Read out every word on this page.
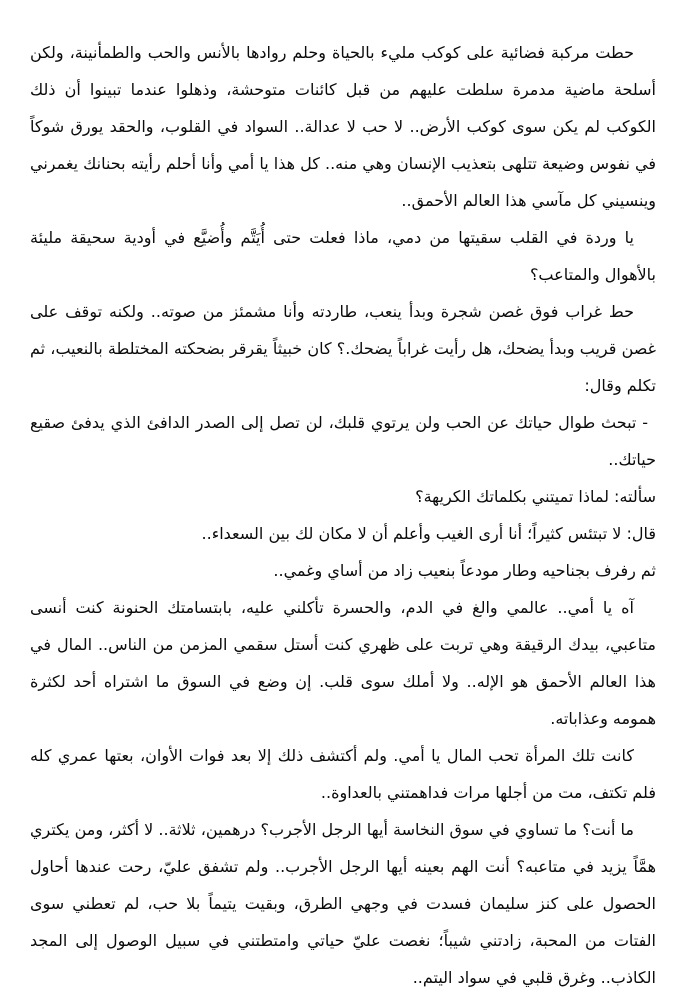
حطت مركبة فضائية على كوكب مليء بالحياة وحلم روادها بالأنس والحب والطمأنينة، ولكن أسلحة ماضية مدمرة سلطت عليهم من قبل كائنات متوحشة، وذهلوا عندما تبينوا أن ذلك الكوكب لم يكن سوى كوكب الأرض.. لا حب لا عدالة.. السواد في القلوب، والحقد يورق شوكاً في نفوس وضيعة تتلهى بتعذيب الإنسان وهي منه.. كل هذا يا أمي وأنا أحلم رأيته بحنانك يغمرني وينسيني كل مآسي هذا العالم الأحمق..

يا وردة في القلب سقيتها من دمي، ماذا فعلت حتى أُيَتَّم وأُضيَّع في أودية سحيقة مليئة بالأهوال والمتاعب؟

حط غراب فوق غصن شجرة وبدأ ينعب، طاردته وأنا مشمئز من صوته.. ولكنه توقف على غصن قريب وبدأ يضحك، هل رأيت غراباً يضحك.؟ كان خبيثاً يقرقر بضحكته المختلطة بالنعيب، ثم تكلم وقال:

- تبحث طوال حياتك عن الحب ولن يرتوي قلبك، لن تصل إلى الصدر الدافئ الذي يدفئ صقيع حياتك..

سألته: لماذا تميتني بكلماتك الكريهة؟

قال: لا تبتئس كثيراً؛ أنا أرى الغيب وأعلم أن لا مكان لك بين السعداء..

ثم رفرف بجناحيه وطار مودعاً بنعيب زاد من أساي وغمي..

آه يا أمي.. عالمي والغ في الدم، والحسرة تأكلني عليه، بابتسامتك الحنونة كنت أنسى متاعبي، بيدك الرقيقة وهي تربت على ظهري كنت أستل سقمي المزمن من الناس.. المال في هذا العالم الأحمق هو الإله.. ولا أملك سوى قلب. إن وضع في السوق ما اشتراه أحد لكثرة همومه وعذاباته.

كانت تلك المرأة تحب المال يا أمي. ولم أكتشف ذلك إلا بعد فوات الأوان، بعتها عمري كله فلم تكتف، مت من أجلها مرات فداهمتني بالعداوة..

ما أنت؟ ما تساوي في سوق النخاسة أيها الرجل الأجرب؟ درهمين، ثلاثة.. لا أكثر، ومن يكتري همَّاً يزيد في متاعبه؟ أنت الهم بعينه أيها الرجل الأجرب.. ولم تشفق عليّ، رحت عندها أحاول الحصول على كنز سليمان فسدت في وجهي الطرق، وبقيت يتيماً بلا حب، لم تعطني سوى الفتات من المحبة، زادتني شيباً؛ نغصت عليّ حياتي وامتطتني في سبيل الوصول إلى المجد الكاذب.. وغرق قلبي في سواد اليتم..
